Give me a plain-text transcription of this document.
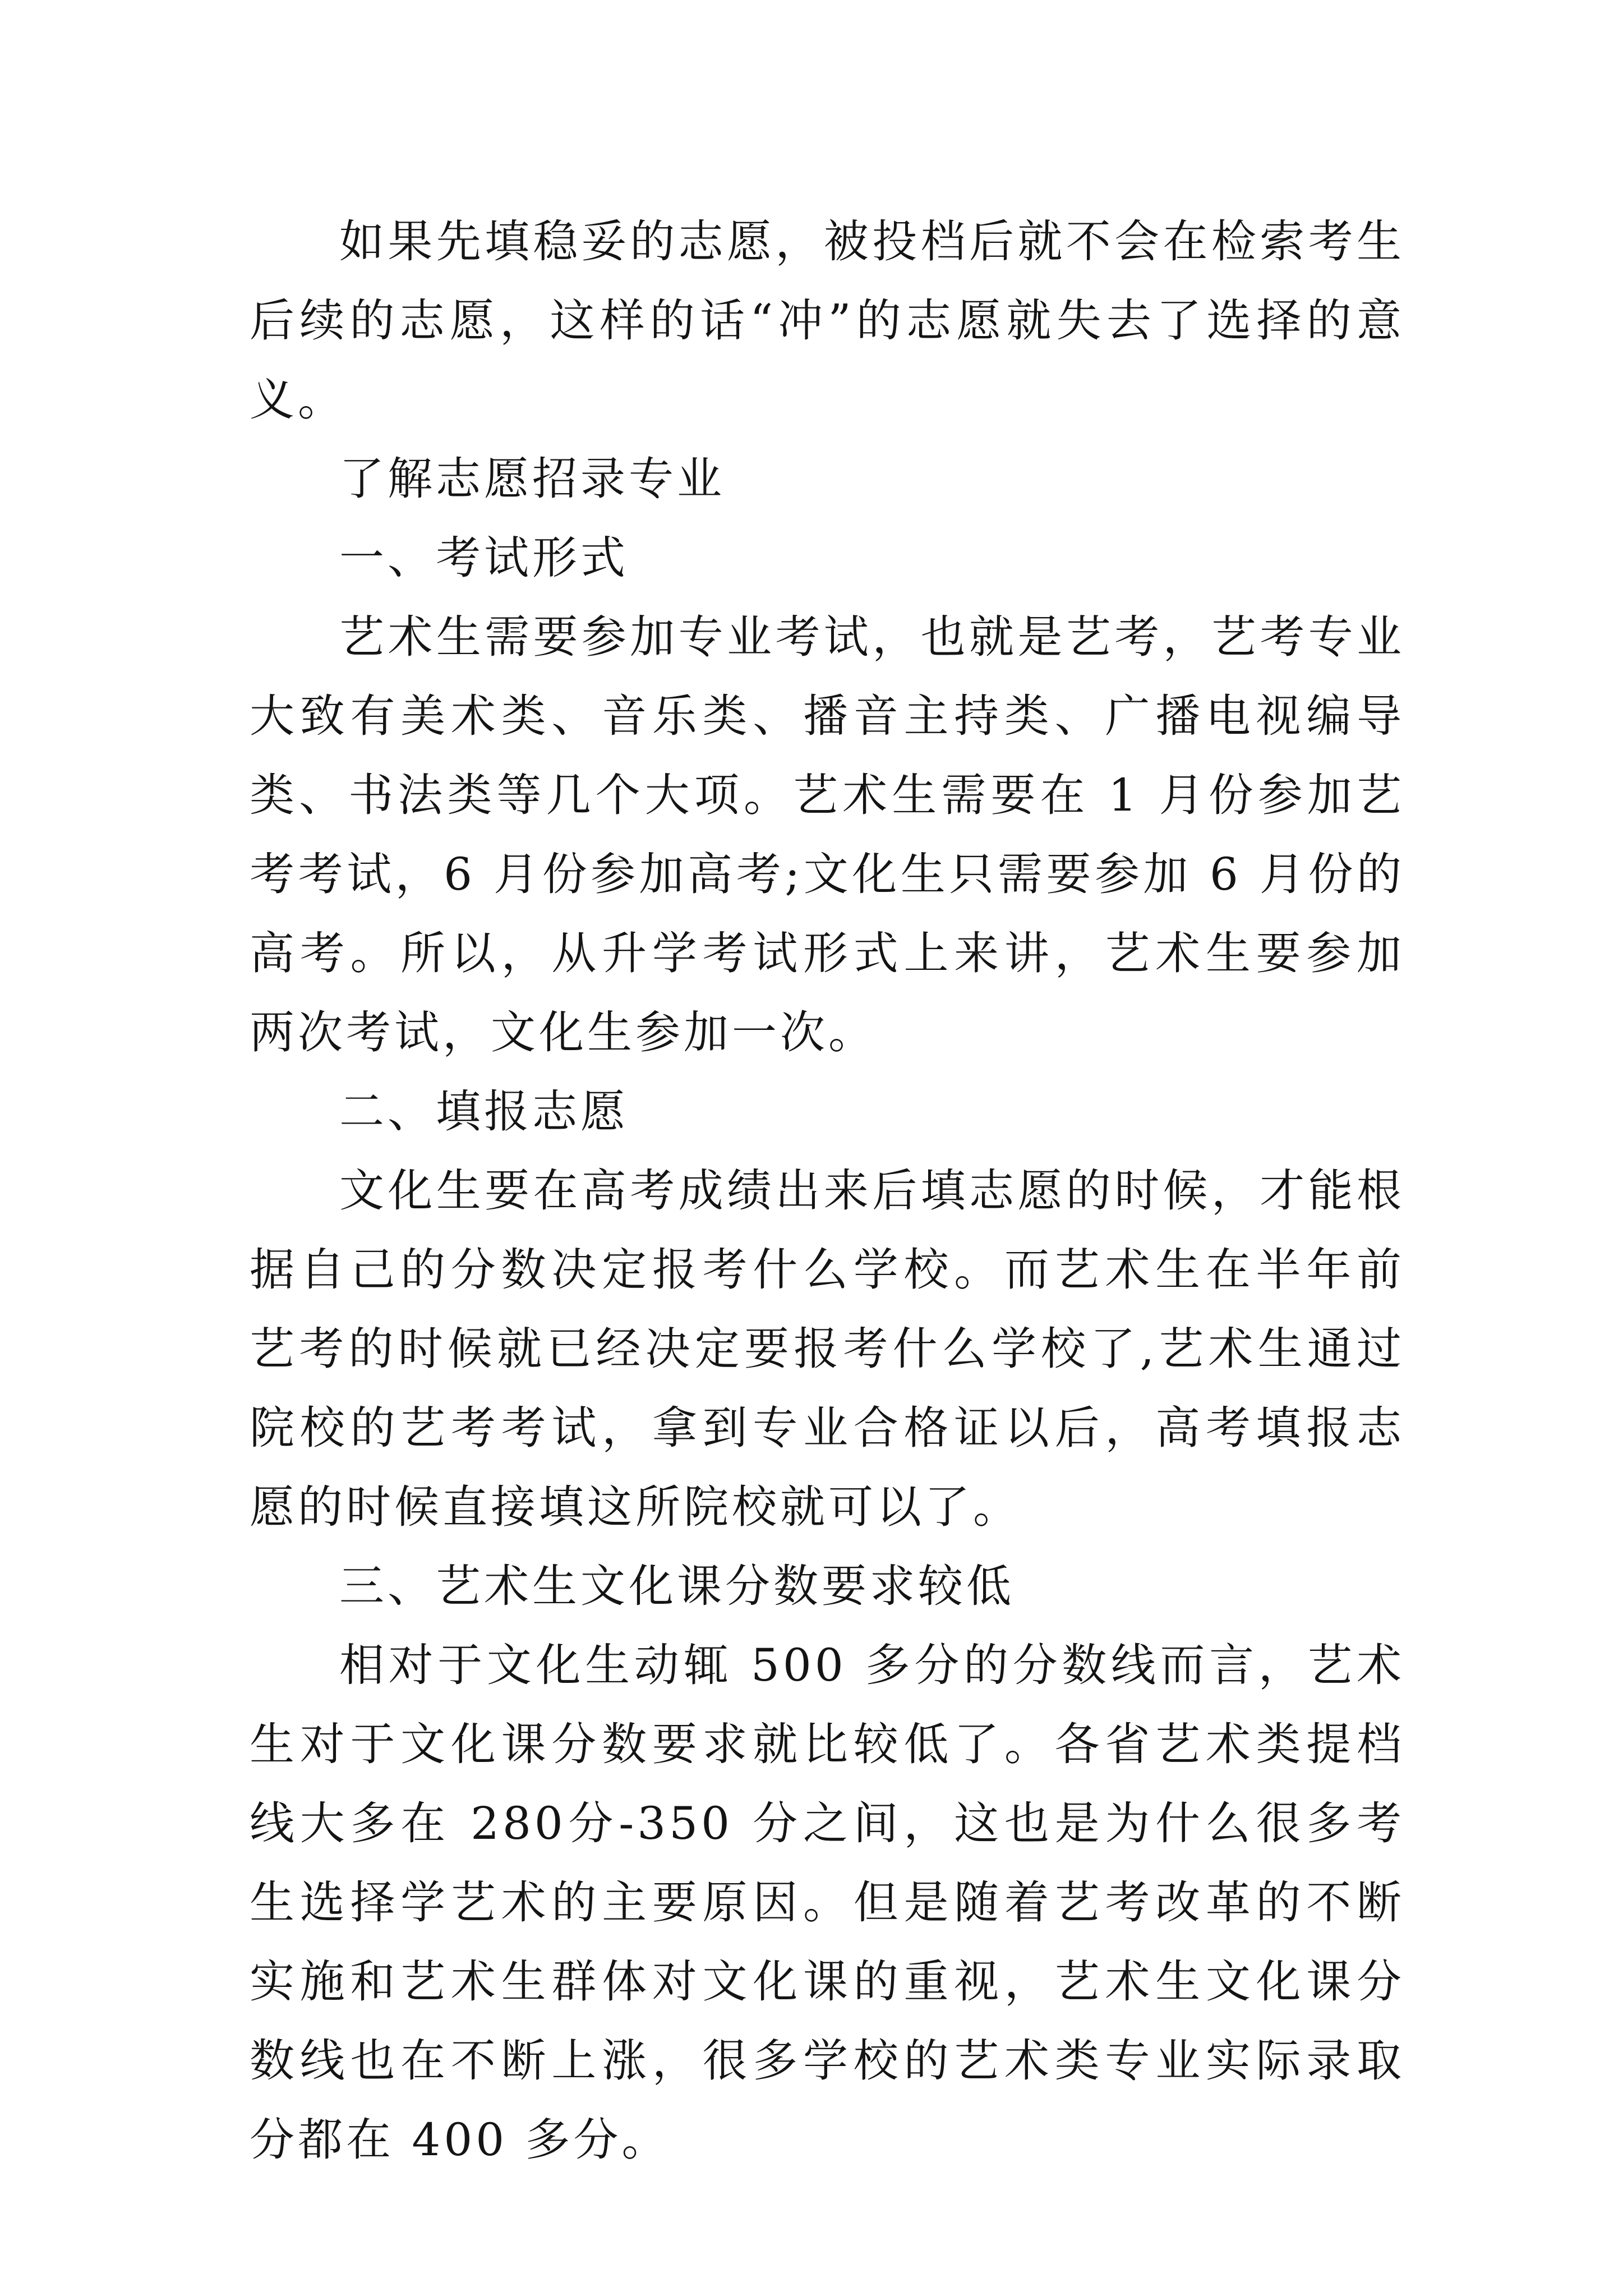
如果先填稳妥的志愿，被投档后就不会在检索考生后续的志愿，这样的话“冲”的志愿就失去了选择的意义。

了解志愿招录专业

一、考试形式

艺术生需要参加专业考试，也就是艺考，艺考专业大致有美术类、音乐类、播音主持类、广播电视编导类、书法类等几个大项。艺术生需要在 1 月份参加艺考考试，6 月份参加高考;文化生只需要参加 6 月份的高考。所以，从升学考试形式上来讲，艺术生要参加两次考试，文化生参加一次。

二、填报志愿

文化生要在高考成绩出来后填志愿的时候，才能根据自己的分数决定报考什么学校。而艺术生在半年前艺考的时候就已经决定要报考什么学校了,艺术生通过院校的艺考考试，拿到专业合格证以后，高考填报志愿的时候直接填这所院校就可以了。

三、艺术生文化课分数要求较低

相对于文化生动辄 500 多分的分数线而言，艺术生对于文化课分数要求就比较低了。各省艺术类提档线大多在 280分-350 分之间，这也是为什么很多考生选择学艺术的主要原因。但是随着艺考改革的不断实施和艺术生群体对文化课的重视，艺术生文化课分数线也在不断上涨，很多学校的艺术类专业实际录取分都在 400 多分。
